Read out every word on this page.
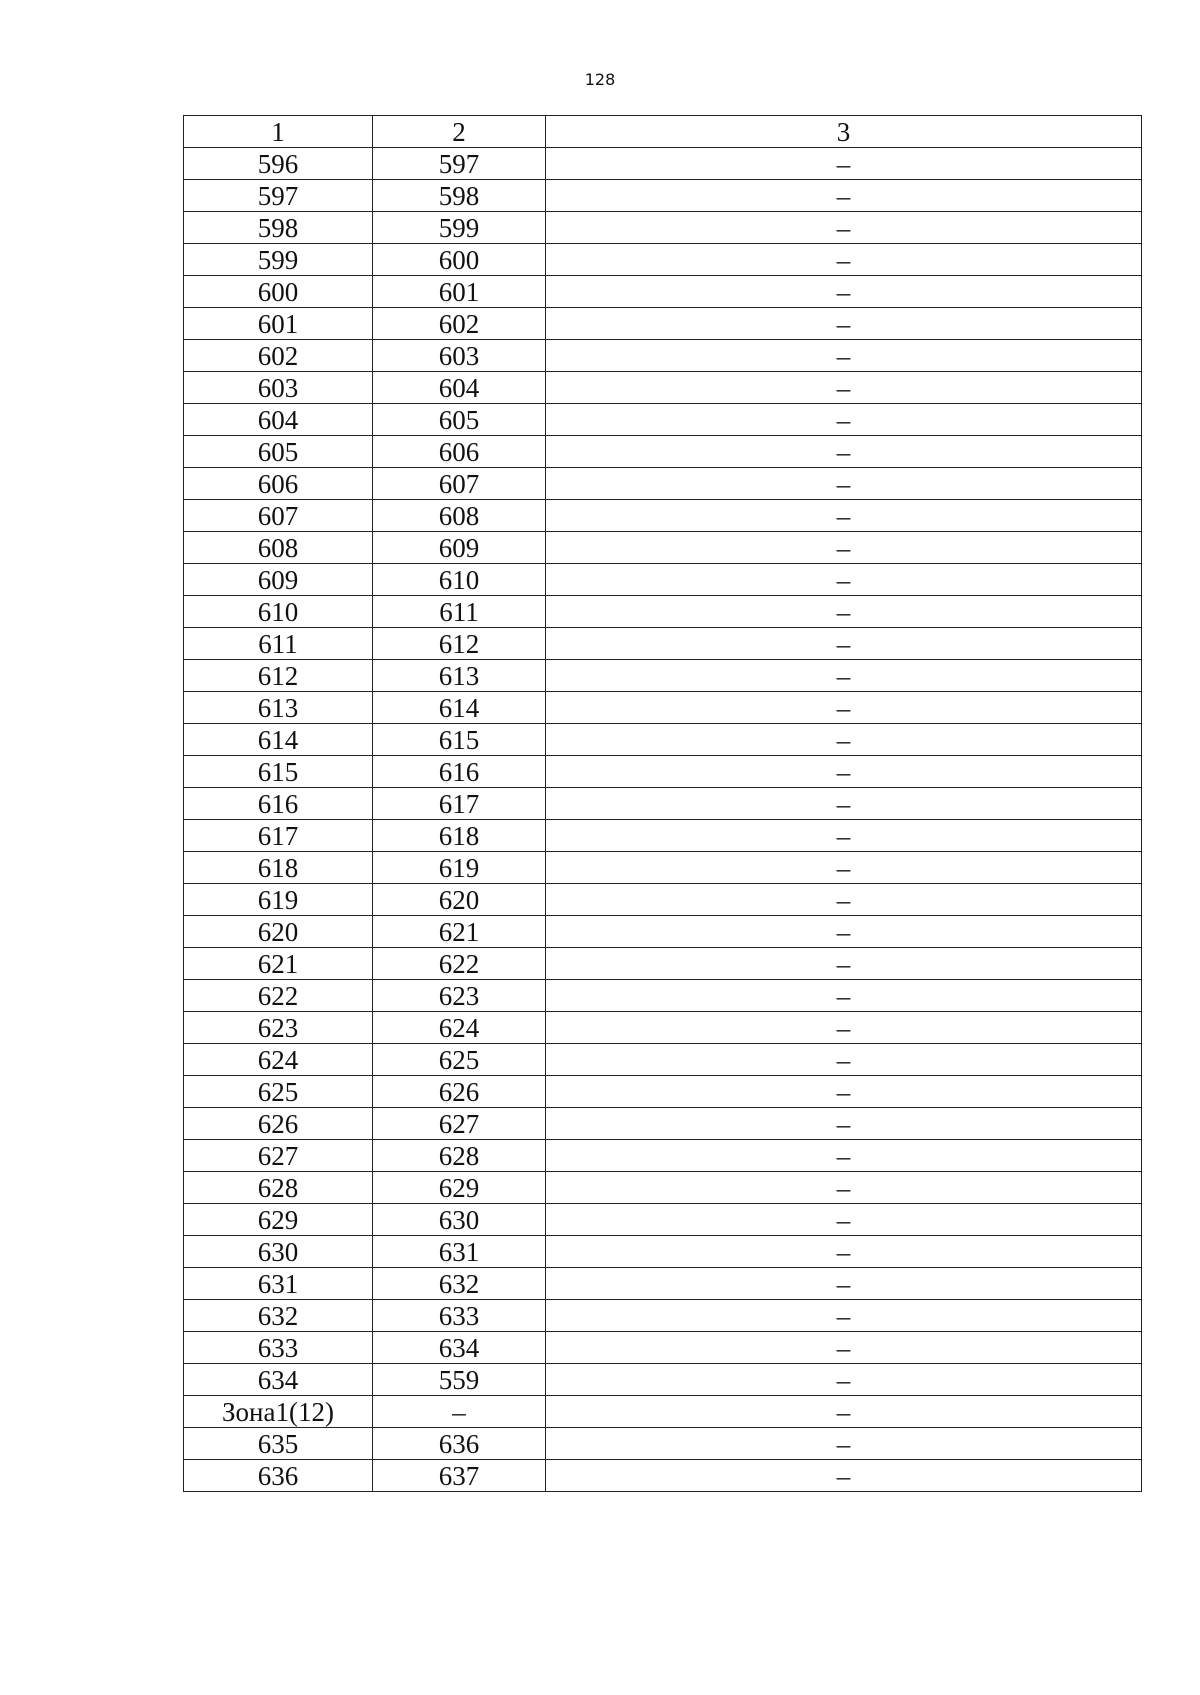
128
1	2	3
596	597	–
597	598	–
598	599	–
599	600	–
600	601	–
601	602	–
602	603	–
603	604	–
604	605	–
605	606	–
606	607	–
607	608	–
608	609	–
609	610	–
610	611	–
611	612	–
612	613	–
613	614	–
614	615	–
615	616	–
616	617	–
617	618	–
618	619	–
619	620	–
620	621	–
621	622	–
622	623	–
623	624	–
624	625	–
625	626	–
626	627	–
627	628	–
628	629	–
629	630	–
630	631	–
631	632	–
632	633	–
633	634	–
634	559	–
Зона1(12)	–	–
635	636	–
636	637	–
